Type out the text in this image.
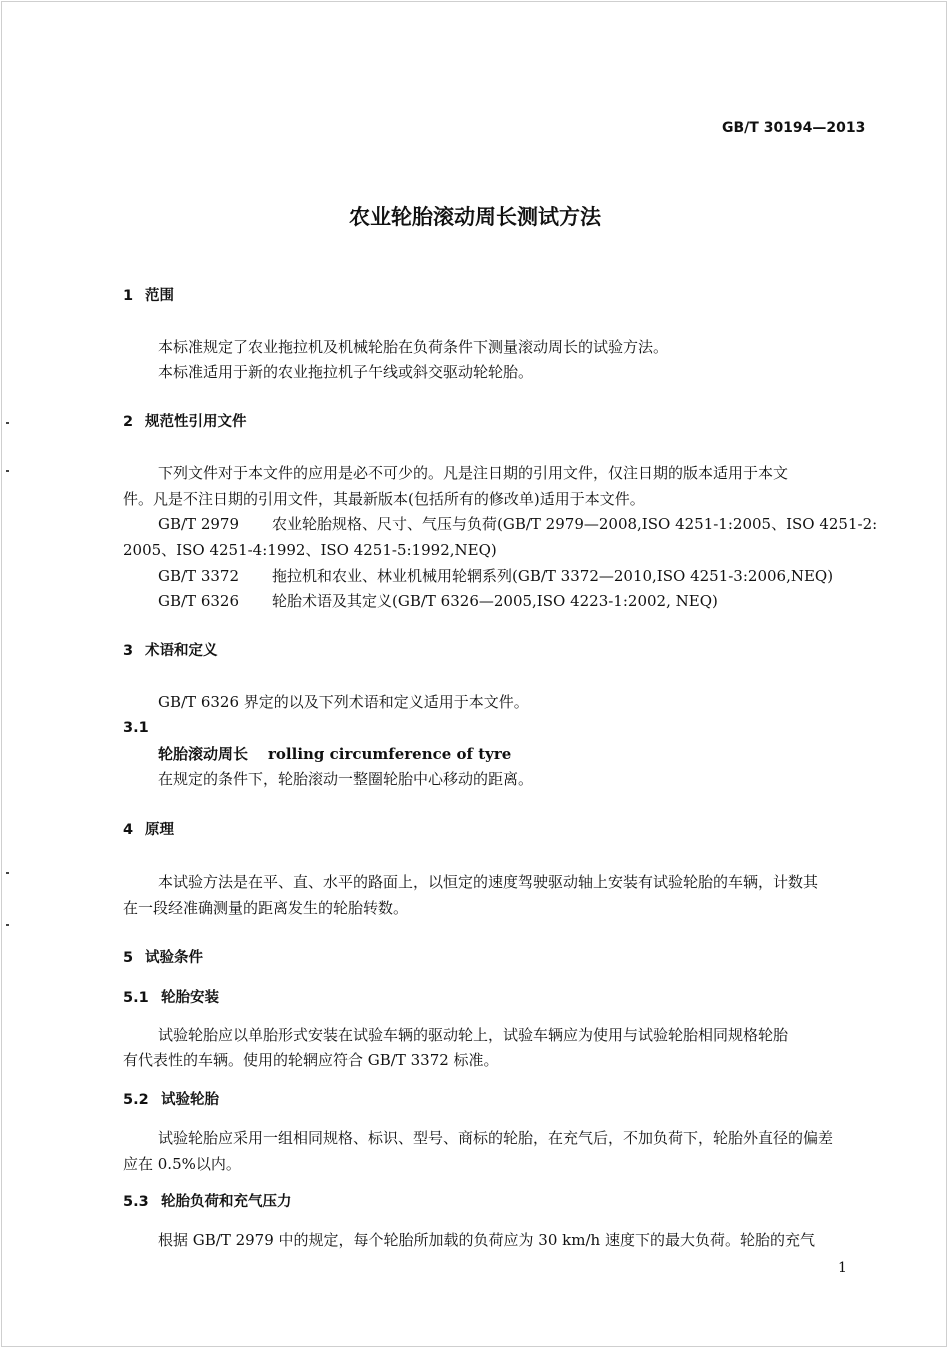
GB/T 30194—2013
农业轮胎滚动周长测试方法
1 范围
本标准规定了农业拖拉机及机械轮胎在负荷条件下测量滚动周长的试验方法。
本标准适用于新的农业拖拉机子午线或斜交驱动轮轮胎。
2 规范性引用文件
下列文件对于本文件的应用是必不可少的。凡是注日期的引用文件，仅注日期的版本适用于本文
件。凡是不注日期的引用文件，其最新版本(包括所有的修改单)适用于本文件。
GB/T 2979 农业轮胎规格、尺寸、气压与负荷(GB/T 2979—2008,ISO 4251-1:2005、ISO 4251-2:
2005、ISO 4251-4:1992、ISO 4251-5:1992,NEQ)
GB/T 3372 拖拉机和农业、林业机械用轮辋系列(GB/T 3372—2010,ISO 4251-3:2006,NEQ)
GB/T 6326 轮胎术语及其定义(GB/T 6326—2005,ISO 4223-1:2002, NEQ)
3 术语和定义
GB/T 6326 界定的以及下列术语和定义适用于本文件。
3.1
轮胎滚动周长 rolling circumference of tyre
在规定的条件下，轮胎滚动一整圈轮胎中心移动的距离。
4 原理
本试验方法是在平、直、水平的路面上，以恒定的速度驾驶驱动轴上安装有试验轮胎的车辆，计数其
在一段经准确测量的距离发生的轮胎转数。
5 试验条件
5.1 轮胎安装
试验轮胎应以单胎形式安装在试验车辆的驱动轮上，试验车辆应为使用与试验轮胎相同规格轮胎
有代表性的车辆。使用的轮辋应符合 GB/T 3372 标准。
5.2 试验轮胎
试验轮胎应采用一组相同规格、标识、型号、商标的轮胎，在充气后，不加负荷下，轮胎外直径的偏差
应在 0.5%以内。
5.3 轮胎负荷和充气压力
根据 GB/T 2979 中的规定，每个轮胎所加载的负荷应为 30 km/h 速度下的最大负荷。轮胎的充气
1
